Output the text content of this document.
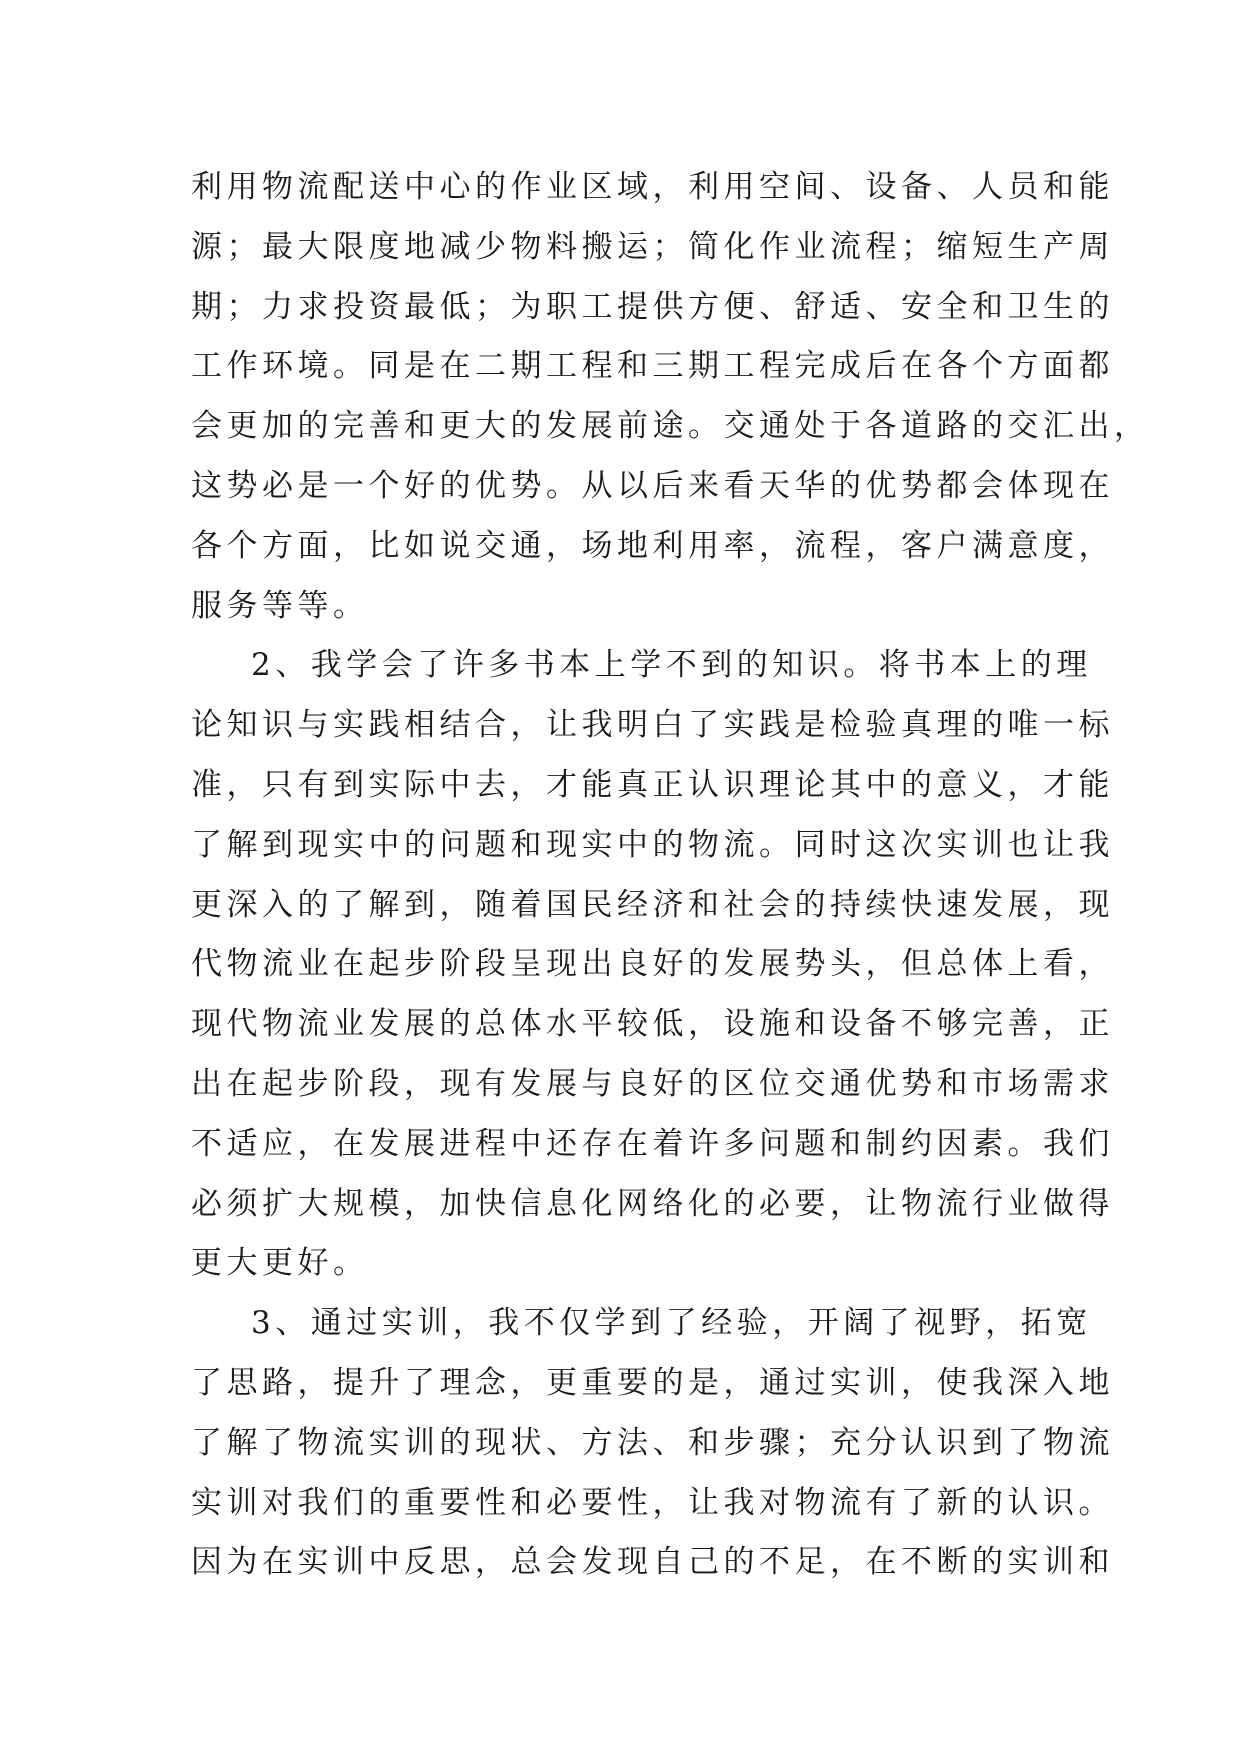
利用物流配送中心的作业区域，利用空间、设备、人员和能
源；最大限度地减少物料搬运；简化作业流程；缩短生产周
期；力求投资最低；为职工提供方便、舒适、安全和卫生的
工作环境。同是在二期工程和三期工程完成后在各个方面都
会更加的完善和更大的发展前途。交通处于各道路的交汇出，
这势必是一个好的优势。从以后来看天华的优势都会体现在
各个方面，比如说交通，场地利用率，流程，客户满意度，
服务等等。
2、我学会了许多书本上学不到的知识。将书本上的理
论知识与实践相结合，让我明白了实践是检验真理的唯一标
准，只有到实际中去，才能真正认识理论其中的意义，才能
了解到现实中的问题和现实中的物流。同时这次实训也让我
更深入的了解到，随着国民经济和社会的持续快速发展，现
代物流业在起步阶段呈现出良好的发展势头，但总体上看，
现代物流业发展的总体水平较低，设施和设备不够完善，正
出在起步阶段，现有发展与良好的区位交通优势和市场需求
不适应，在发展进程中还存在着许多问题和制约因素。我们
必须扩大规模，加快信息化网络化的必要，让物流行业做得
更大更好。
3、通过实训，我不仅学到了经验，开阔了视野，拓宽
了思路，提升了理念，更重要的是，通过实训，使我深入地
了解了物流实训的现状、方法、和步骤；充分认识到了物流
实训对我们的重要性和必要性，让我对物流有了新的认识。
因为在实训中反思，总会发现自己的不足，在不断的实训和
